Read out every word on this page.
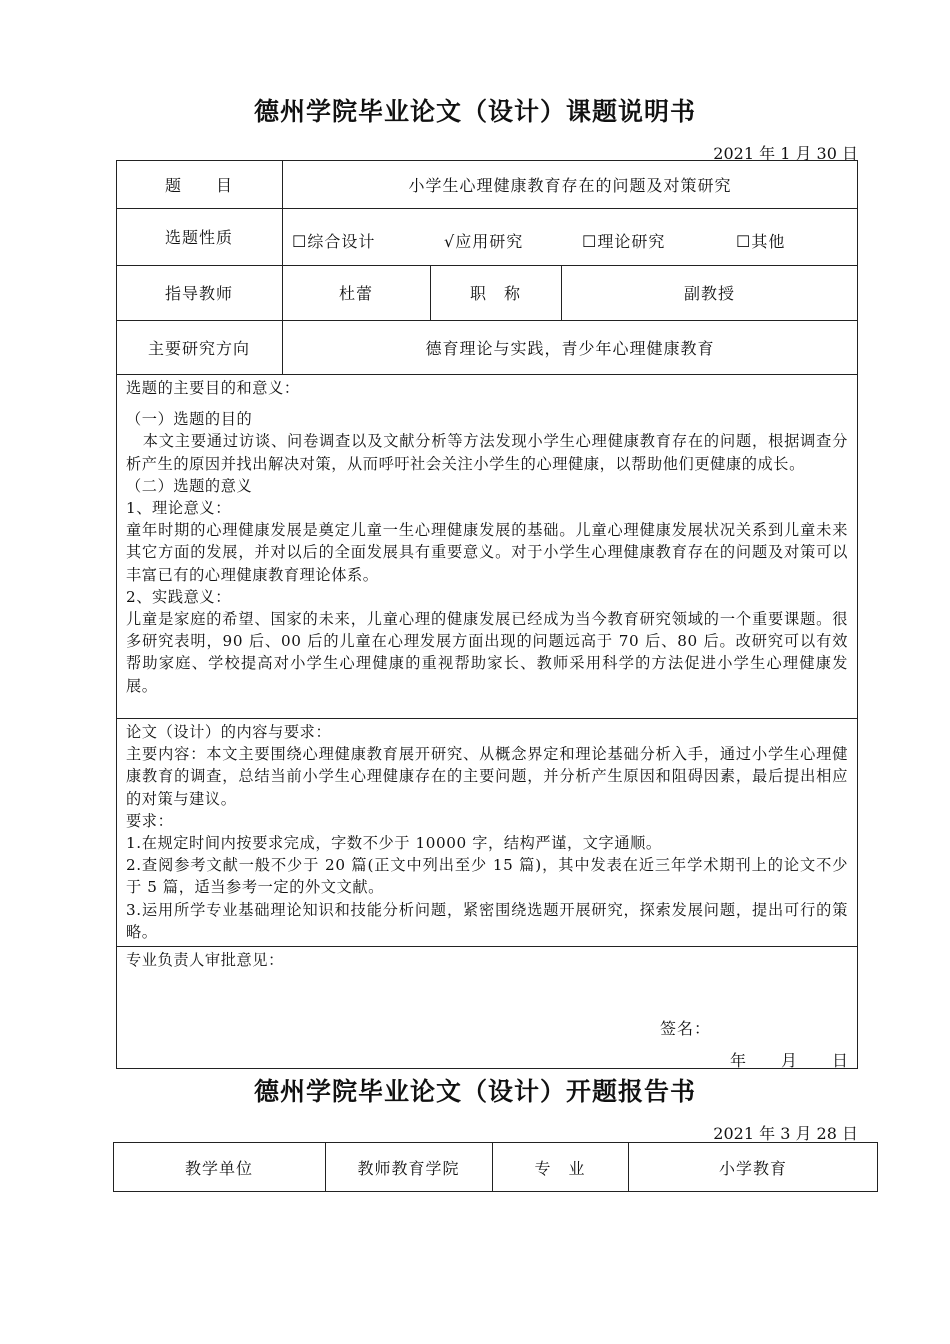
德州学院毕业论文（设计）课题说明书
2021 年 1 月 30 日
题　　目	小学生心理健康教育存在的问题及对策研究
选题性质	☐综合设计	√应用研究	☐理论研究	☐其他
指导教师	杜蕾	职　称	副教授
主要研究方向	德育理论与实践，青少年心理健康教育

选题的主要目的和意义：

（一）选题的目的

本文主要通过访谈、问卷调查以及文献分析等方法发现小学生心理健康教育存在的问题，根据调查分析产生的原因并找出解决对策，从而呼吁社会关注小学生的心理健康，以帮助他们更健康的成长。

（二）选题的意义

1、理论意义：

童年时期的心理健康发展是奠定儿童一生心理健康发展的基础。儿童心理健康发展状况关系到儿童未来其它方面的发展，并对以后的全面发展具有重要意义。对于小学生心理健康教育存在的问题及对策可以丰富已有的心理健康教育理论体系。

2、实践意义：

儿童是家庭的希望、国家的未来，儿童心理的健康发展已经成为当今教育研究领域的一个重要课题。很多研究表明，90 后、00 后的儿童在心理发展方面出现的问题远高于 70 后、80 后。改研究可以有效帮助家庭、学校提高对小学生心理健康的重视帮助家长、教师采用科学的方法促进小学生心理健康发展。

论文（设计）的内容与要求：

主要内容：本文主要围绕心理健康教育展开研究、从概念界定和理论基础分析入手，通过小学生心理健康教育的调查，总结当前小学生心理健康存在的主要问题，并分析产生原因和阻碍因素，最后提出相应的对策与建议。

要求：

1.在规定时间内按要求完成，字数不少于 10000 字，结构严谨，文字通顺。

2.查阅参考文献一般不少于 20 篇(正文中列出至少 15 篇)，其中发表在近三年学术期刊上的论文不少于 5 篇，适当参考一定的外文文献。

3.运用所学专业基础理论知识和技能分析问题，紧密围绕选题开展研究，探索发展问题，提出可行的策略。

专业负责人审批意见：
签名：
年　　月　　日
德州学院毕业论文（设计）开题报告书
2021 年 3 月 28 日
教学单位	教师教育学院	专　业	小学教育
